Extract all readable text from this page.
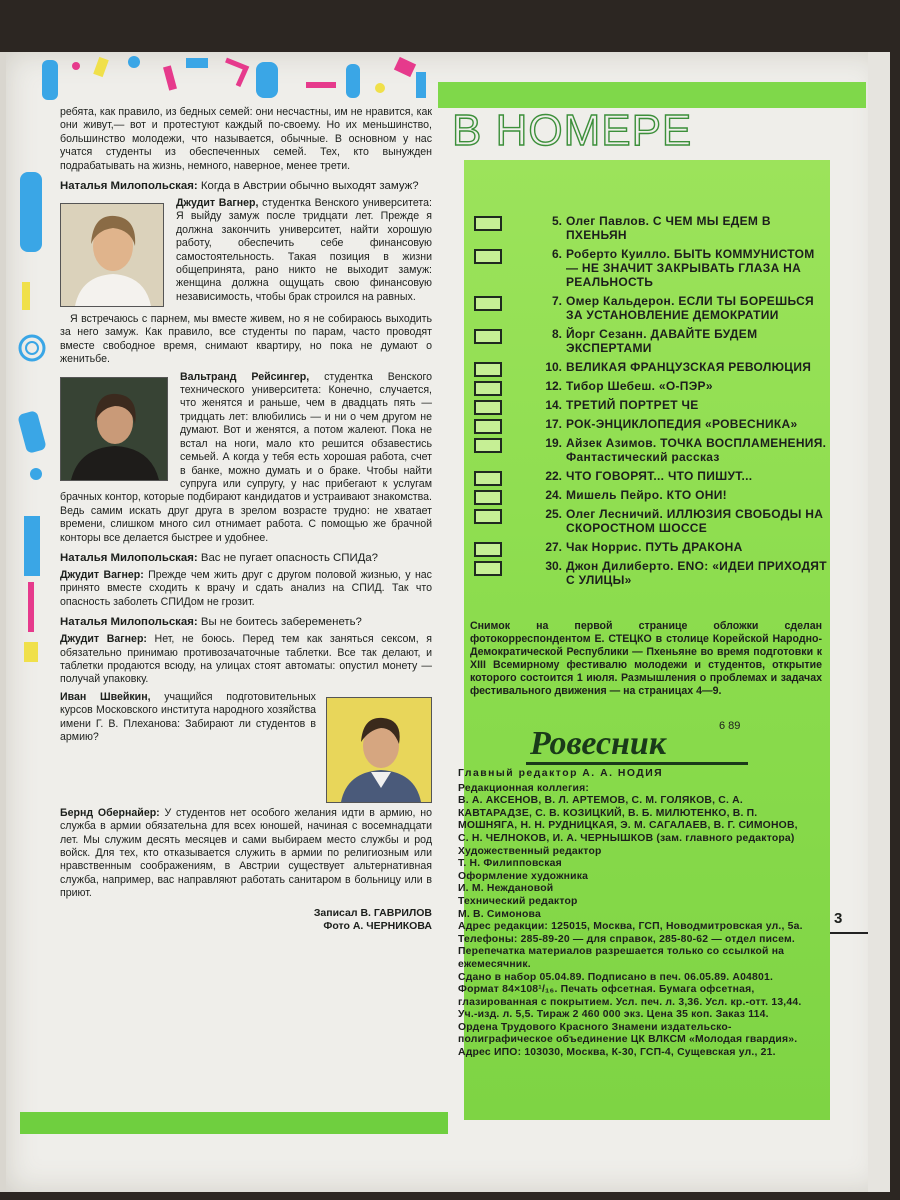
ребята, как правило, из бедных семей: они несчастны, им не нравится, как они живут,— вот и протестуют каждый по-своему. Но их меньшинство, большинство молодежи, что называется, обычные. В основном у нас учатся студенты из обеспеченных семей. Тех, кто вынужден подрабатывать на жизнь, немного, наверное, менее трети.

Наталья Милопольская: Когда в Австрии обычно выходят замуж?

Джудит Вагнер, студентка Венского университета: Я выйду замуж после тридцати лет. Прежде я должна закончить университет, найти хорошую работу, обеспечить себе финансовую самостоятельность. Такая позиция в жизни общепринята, рано никто не выходит замуж: женщина должна ощущать свою финансовую независимость, чтобы брак строился на равных.

Я встречаюсь с парнем, мы вместе живем, но я не собираюсь выходить за него замуж. Как правило, все студенты по парам, часто проводят вместе свободное время, снимают квартиру, но пока не думают о женитьбе.

Вальтранд Рейсингер, студентка Венского технического университета: Конечно, случается, что женятся и раньше, чем в двадцать пять — тридцать лет: влюбились — и ни о чем другом не думают. Вот и женятся, а потом жалеют. Пока не встал на ноги, мало кто решится обзавестись семьей. А когда у тебя есть хорошая работа, счет в банке, можно думать и о браке. Чтобы найти супруга или супругу, у нас прибегают к услугам брачных контор, которые подбирают кандидатов и устраивают знакомства. Ведь самим искать друг друга в зрелом возрасте трудно: не хватает времени, слишком много сил отнимает работа. С помощью же брачной конторы все делается быстрее и удобнее.

Наталья Милопольская: Вас не пугает опасность СПИДа?

Джудит Вагнер: Прежде чем жить друг с другом половой жизнью, у нас принято вместе сходить к врачу и сдать анализ на СПИД. Так что опасность заболеть СПИДом не грозит.

Наталья Милопольская: Вы не боитесь забеременеть?

Джудит Вагнер: Нет, не боюсь. Перед тем как заняться сексом, я обязательно принимаю противозачаточные таблетки. Все так делают, и таблетки продаются всюду, на улицах стоят автоматы: опустил монету — получай упаковку.

Иван Швейкин, учащийся подготовительных курсов Московского института народного хозяйства имени Г. В. Плеханова: Забирают ли студентов в армию?

Бернд Обернайер: У студентов нет особого желания идти в армию, но служба в армии обязательна для всех юношей, начиная с восемнадцати лет. Мы служим десять месяцев и сами выбираем место службы и род войск. Для тех, кто отказывается служить в армии по религиозным или нравственным соображениям, в Австрии существует альтернативная служба, например, вас направляют работать санитаром в больницу или в приют.

Записал В. ГАВРИЛОВ
Фото А. ЧЕРНИКОВА
В НОМЕРЕ
5. Олег Павлов. С ЧЕМ МЫ ЕДЕМ В ПХЕНЬЯН
6. Роберто Куилло. БЫТЬ КОММУНИСТОМ — НЕ ЗНАЧИТ ЗАКРЫВАТЬ ГЛАЗА НА РЕАЛЬНОСТЬ
7. Омер Кальдерон. ЕСЛИ ТЫ БОРЕШЬСЯ ЗА УСТАНОВЛЕНИЕ ДЕМОКРАТИИ
8. Йорг Сезанн. ДАВАЙТЕ БУДЕМ ЭКСПЕРТАМИ
10. ВЕЛИКАЯ ФРАНЦУЗСКАЯ РЕВОЛЮЦИЯ
12. Тибор Шебеш. «О-ПЭР»
14. ТРЕТИЙ ПОРТРЕТ ЧЕ
17. РОК-ЭНЦИКЛОПЕДИЯ «РОВЕСНИКА»
19. Айзек Азимов. ТОЧКА ВОСПЛАМЕНЕНИЯ. Фантастический рассказ
22. ЧТО ГОВОРЯТ... ЧТО ПИШУТ...
24. Мишель Пейро. КТО ОНИ!
25. Олег Лесничий. ИЛЛЮЗИЯ СВОБОДЫ НА СКОРОСТНОМ ШОССЕ
27. Чак Норрис. ПУТЬ ДРАКОНА
30. Джон Дилиберто. ENO: «ИДЕИ ПРИХОДЯТ С УЛИЦЫ»
Снимок на первой странице обложки сделан фотокорреспондентом Е. СТЕЦКО в столице Корейской Народно-Демократической Республики — Пхеньяне во время подготовки к XIII Всемирному фестивалю молодежи и студентов, открытие которого состоится 1 июля. Размышления о проблемах и задачах фестивального движения — на страницах 4—9.
Ровесник	6 89
Главный редактор А. А. НОДИЯ
Редакционная коллегия:
В. А. АКСЕНОВ, В. Л. АРТЕМОВ, С. М. ГОЛЯКОВ, С. А. КАВТАРАДЗЕ, С. В. КОЗИЦКИЙ, В. Б. МИЛЮТЕНКО, В. П. МОШНЯГА, Н. Н. РУДНИЦКАЯ, Э. М. САГАЛАЕВ, В. Г. СИМОНОВ, С. Н. ЧЕЛНОКОВ, И. А. ЧЕРНЫШКОВ (зам. главного редактора)
Художественный редактор
Т. Н. Филипповская
Оформление художника
И. М. Неждановой
Технический редактор
М. В. Симонова
Адрес редакции: 125015, Москва, ГСП, Новодмитровская ул., 5а.
Телефоны: 285-89-20 — для справок, 285-80-62 — отдел писем.
Перепечатка материалов разрешается только со ссылкой на ежемесячник.
Сдано в набор 05.04.89. Подписано в печ. 06.05.89. А04801. Формат 84×108¹/₁₆. Печать офсетная. Бумага офсетная, глазированная с покрытием. Усл. печ. л. 3,36. Усл. кр.-отт. 13,44. Уч.-изд. л. 5,5. Тираж 2 460 000 экз. Цена 35 коп. Заказ 114.
Ордена Трудового Красного Знамени издательско-полиграфическое объединение ЦК ВЛКСМ «Молодая гвардия».
Адрес ИПО: 103030, Москва, К-30, ГСП-4, Сущевская ул., 21.
3
